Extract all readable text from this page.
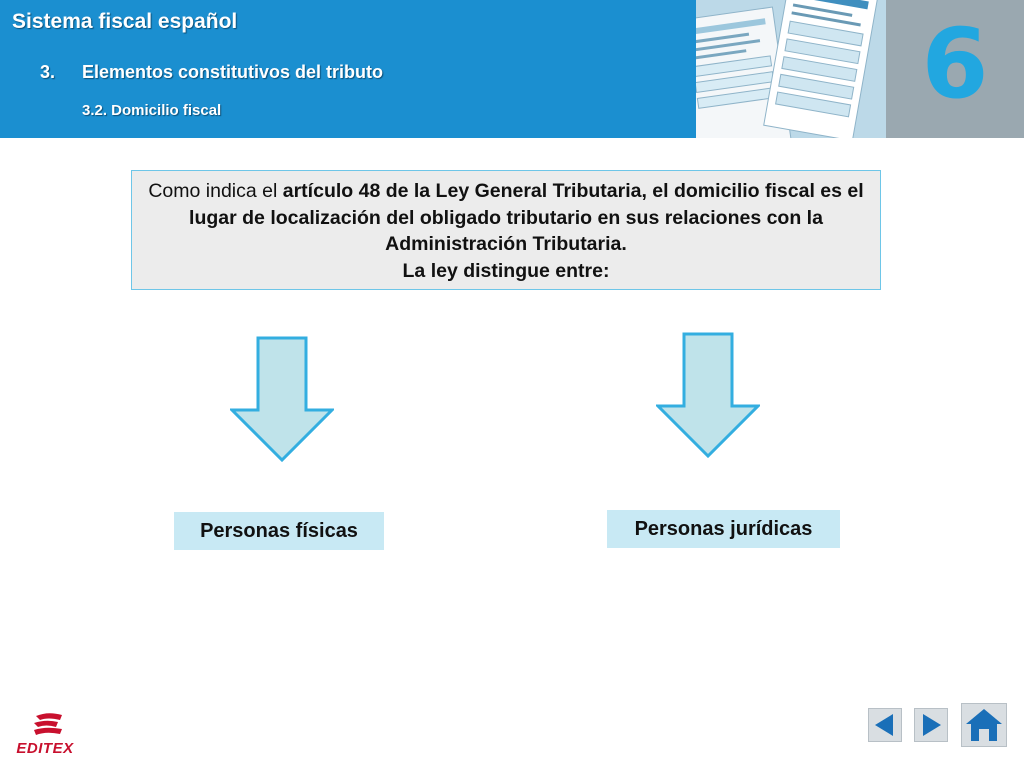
Sistema fiscal español
3. Elementos constitutivos del tributo
3.2. Domicilio fiscal	6
Como indica el artículo 48 de la Ley General Tributaria, el domicilio fiscal es el lugar de localización del obligado tributario en sus relaciones con la Administración Tributaria.
La ley distingue entre:
Personas físicas	Personas jurídicas
EDITEX
